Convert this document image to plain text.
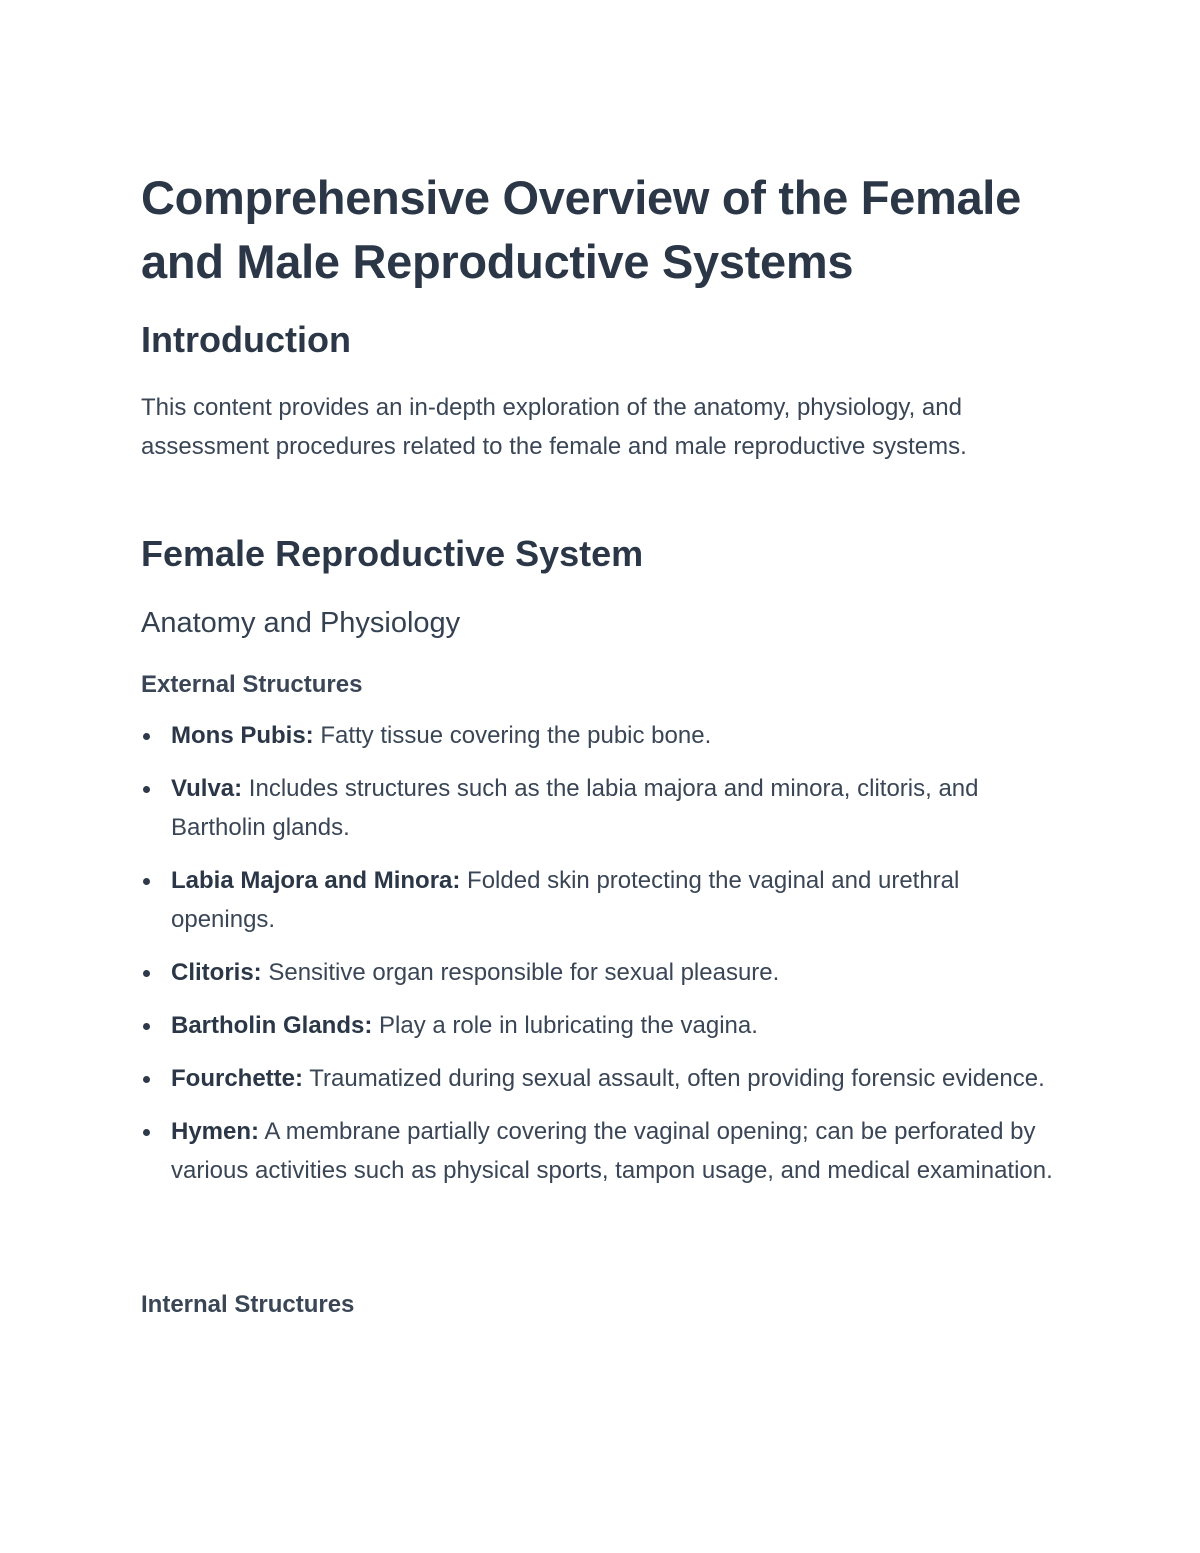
Comprehensive Overview of the Female and Male Reproductive Systems
Introduction

This content provides an in-depth exploration of the anatomy, physiology, and assessment procedures related to the female and male reproductive systems.

Female Reproductive System
Anatomy and Physiology
External Structures
Mons Pubis: Fatty tissue covering the pubic bone.
Vulva: Includes structures such as the labia majora and minora, clitoris, and Bartholin glands.
Labia Majora and Minora: Folded skin protecting the vaginal and urethral openings.
Clitoris: Sensitive organ responsible for sexual pleasure.
Bartholin Glands: Play a role in lubricating the vagina.
Fourchette: Traumatized during sexual assault, often providing forensic evidence.
Hymen: A membrane partially covering the vaginal opening; can be perforated by various activities such as physical sports, tampon usage, and medical examination.
Internal Structures
